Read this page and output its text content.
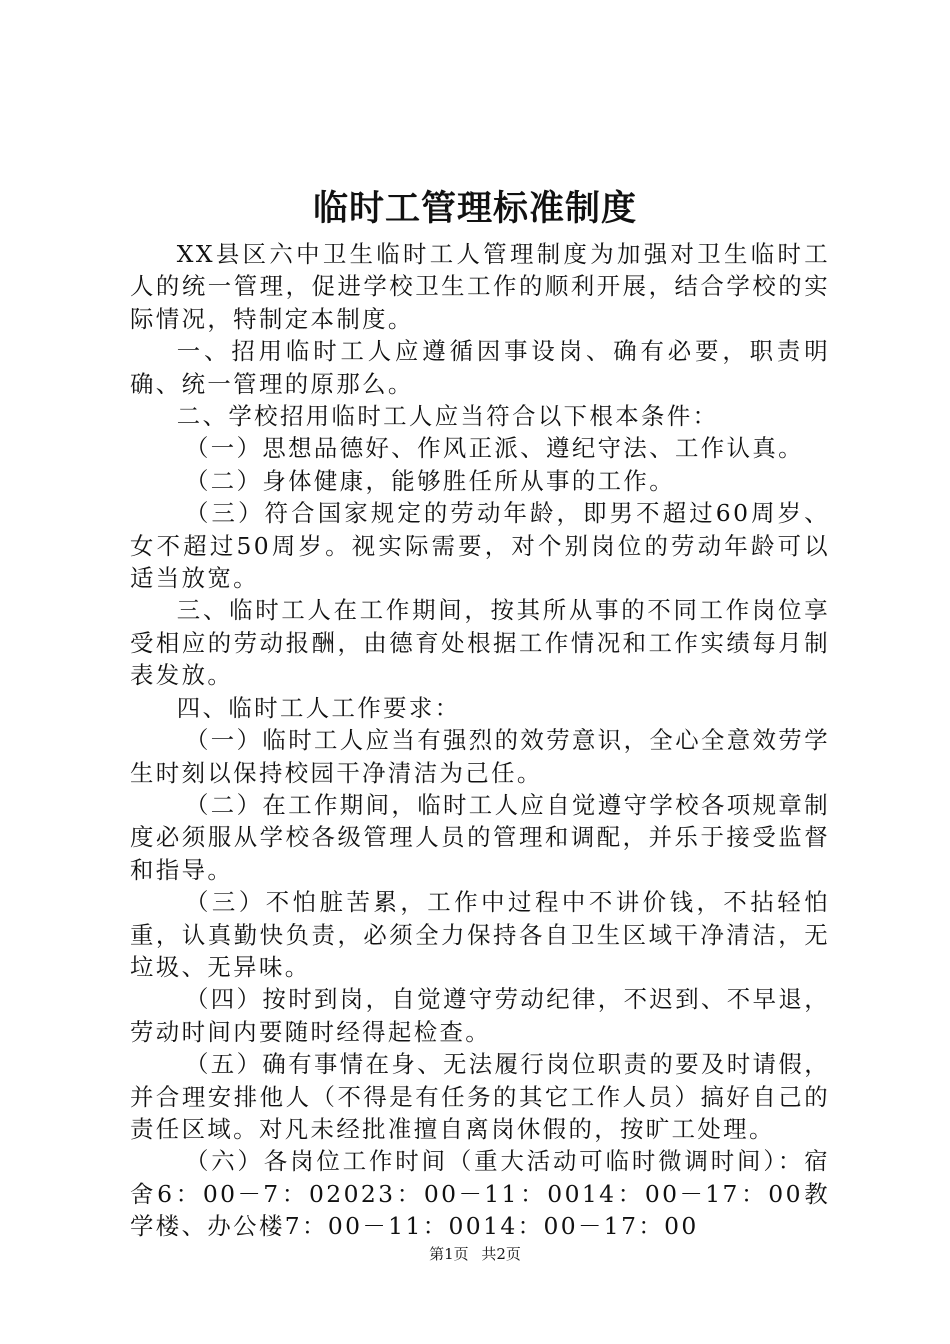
临时工管理标准制度

XX县区六中卫生临时工人管理制度为加强对卫生临时工人的统一管理，促进学校卫生工作的顺利开展，结合学校的实际情况，特制定本制度。

一、招用临时工人应遵循因事设岗、确有必要，职责明确、统一管理的原那么。

二、学校招用临时工人应当符合以下根本条件：

（一）思想品德好、作风正派、遵纪守法、工作认真。

（二）身体健康，能够胜任所从事的工作。

（三）符合国家规定的劳动年龄，即男不超过60周岁、女不超过50周岁。视实际需要，对个别岗位的劳动年龄可以适当放宽。

三、临时工人在工作期间，按其所从事的不同工作岗位享受相应的劳动报酬，由德育处根据工作情况和工作实绩每月制表发放。

四、临时工人工作要求：

（一）临时工人应当有强烈的效劳意识，全心全意效劳学生时刻以保持校园干净清洁为己任。

（二）在工作期间，临时工人应自觉遵守学校各项规章制度必须服从学校各级管理人员的管理和调配，并乐于接受监督和指导。

（三）不怕脏苦累，工作中过程中不讲价钱，不拈轻怕重，认真勤快负责，必须全力保持各自卫生区域干净清洁，无垃圾、无异味。

（四）按时到岗，自觉遵守劳动纪律，不迟到、不早退，劳动时间内要随时经得起检查。

（五）确有事情在身、无法履行岗位职责的要及时请假，并合理安排他人（不得是有任务的其它工作人员）搞好自己的责任区域。对凡未经批准擅自离岗休假的，按旷工处理。

（六）各岗位工作时间（重大活动可临时微调时间）：宿舍6：00－7：02023：00－11：0014：00－17：00教学楼、办公楼7：00－11：0014：00－17：00

第1页 共2页
